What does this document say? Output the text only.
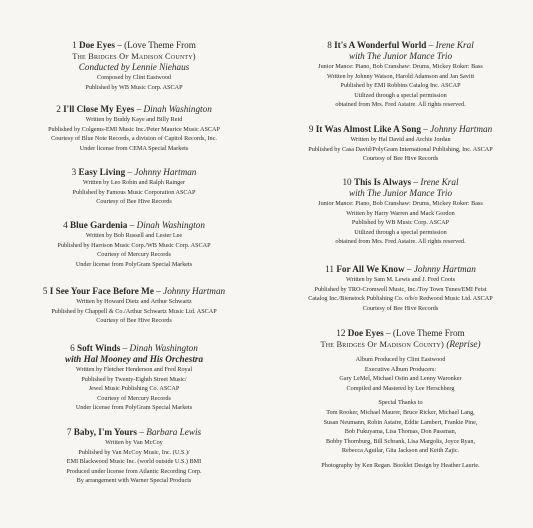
1 Doe Eyes – (Love Theme From
The Bridges Of Madison County)
Conducted by Lennie Niehaus
Composed by Clint Eastwood
Published by WB Music Corp. ASCAP
2 I'll Close My Eyes – Dinah Washington
Written by Buddy Kaye and Billy Reid
Published by Colgems-EMI Music Inc./Peter Maurice Music ASCAP
Courtesy of Blue Note Records, a division of Capitol Records, Inc.
Under license from CEMA Special Markets
3 Easy Living – Johnny Hartman
Written by Leo Robin and Ralph Rainger
Published by Famous Music Corporation ASCAP
Courtesy of Bee Hive Records
4 Blue Gardenia – Dinah Washington
Written by Bob Russell and Lester Lee
Published by Harrison Music Corp./WB Music Corp. ASCAP
Courtesy of Mercury Records
Under license from PolyGram Special Markets
5 I See Your Face Before Me – Johnny Hartman
Written by Howard Dietz and Arthur Schwartz
Published by Chappell & Co./Arthur Schwartz Music Ltd. ASCAP
Courtesy of Bee Hive Records
6 Soft Winds – Dinah Washington
with Hal Mooney and His Orchestra
Written by Fletcher Henderson and Fred Royal
Published by Twenty-Eighth Street Music/
Jewel Music Publishing Co. ASCAP
Courtesy of Mercury Records
Under license from PolyGram Special Markets
7 Baby, I'm Yours – Barbara Lewis
Written by Van McCoy
Published by Van McCoy Music, Inc. (U.S.)/
EMI Blackwood Music Inc. (world outside U.S.) BMI
Produced under license from Atlantic Recording Corp.
By arrangement with Warner Special Products
8 It's A Wonderful World – Irene Kral
with The Junior Mance Trio
Junior Mance: Piano, Bob Cranshaw: Drums, Mickey Roker: Bass
Written by Johnny Watson, Harold Adamson and Jan Savitt
Published by EMI Robbins Catalog Inc. ASCAP
Utilized through a special permission
obtained from Mrs. Fred Astaire. All rights reserved.
9 It Was Almost Like A Song – Johnny Hartman
Written by Hal David and Archie Jordan
Published by Casa David/PolyGram International Publishing, Inc. ASCAP
Courtesy of Bee Hive Records
10 This Is Always – Irene Kral
with The Junior Mance Trio
Junior Mance: Piano, Bob Cranshaw: Drums, Mickey Roker: Bass
Written by Harry Warren and Mack Gordon
Published by WB Music Corp. ASCAP
Utilized through a special permission
obtained from Mrs. Fred Astaire. All rights reserved.
11 For All We Know – Johnny Hartman
Written by Sam M. Lewis and J. Fred Coots
Published by TRO-Cromwell Music, Inc./Toy Town Tunes/EMI Feist
Catalog Inc./Bienstock Publishing Co. o/b/o Redwood Music Ltd. ASCAP
Courtesy of Bee Hive Records
12 Doe Eyes – (Love Theme From
The Bridges Of Madison County) (Reprise)
Album Produced by Clint Eastwood
Executive Album Producers:
Gary LeMel, Michael Ostin and Lenny Waronker
Compiled and Mastered by Lee Herschberg
Special Thanks to
Tom Rooker, Michael Maurer, Bruce Ricker, Michael Lang,
Susan Neumann, Robin Astaire, Eddie Lambert, Frankie Pine,
Bob Fukuyama, Lisa Thomas, Don Passman,
Bobby Thornburg, Bill Schrank, Lisa Margolis, Joyce Ryan,
Rebecca Aguilar, Gita Jackson and Keith Zajic.
Photography by Ken Regan. Booklet Design by Heather Laurie.
